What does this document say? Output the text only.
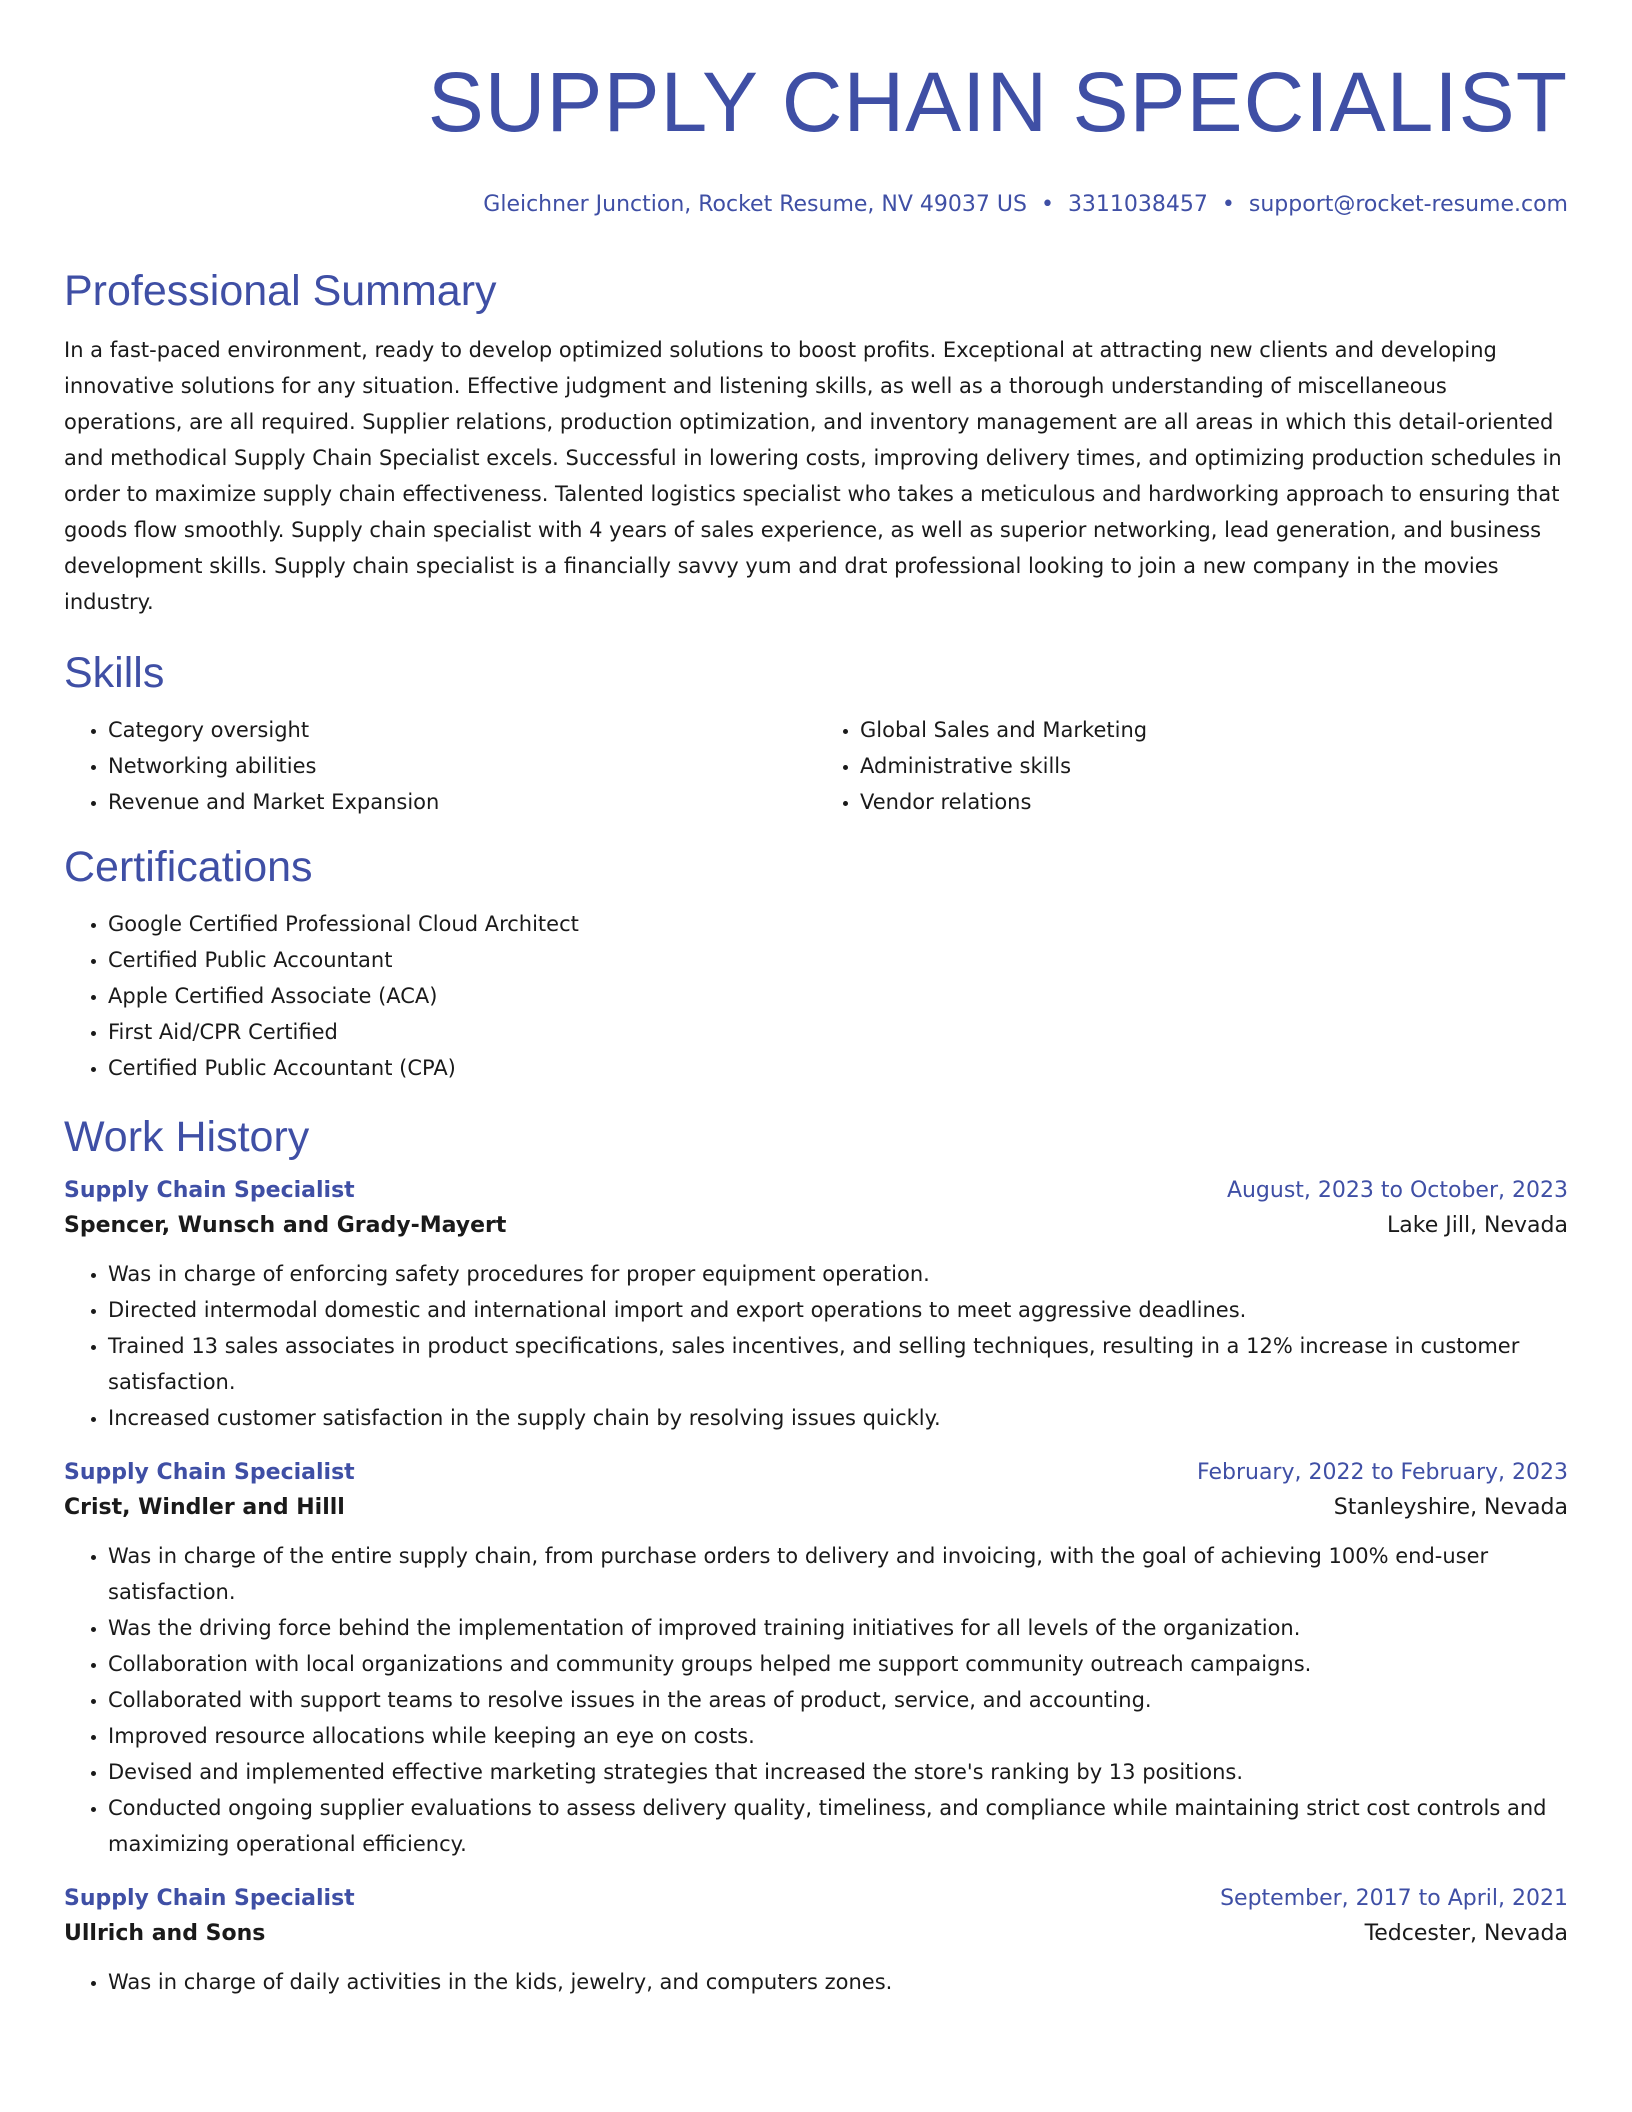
SUPPLY CHAIN SPECIALIST
Gleichner Junction, Rocket Resume, NV 49037 US • 3311038457 • support@rocket-resume.com
Professional Summary

In a fast-paced environment, ready to develop optimized solutions to boost profits. Exceptional at attracting new clients and developing innovative solutions for any situation. Effective judgment and listening skills, as well as a thorough understanding of miscellaneous operations, are all required. Supplier relations, production optimization, and inventory management are all areas in which this detail-oriented and methodical Supply Chain Specialist excels. Successful in lowering costs, improving delivery times, and optimizing production schedules in order to maximize supply chain effectiveness. Talented logistics specialist who takes a meticulous and hardworking approach to ensuring that goods flow smoothly. Supply chain specialist with 4 years of sales experience, as well as superior networking, lead generation, and business development skills. Supply chain specialist is a financially savvy yum and drat professional looking to join a new company in the movies industry.

Skills
• Category oversight
• Networking abilities
• Revenue and Market Expansion
• Global Sales and Marketing
• Administrative skills
• Vendor relations
Certifications
• Google Certified Professional Cloud Architect
• Certified Public Accountant
• Apple Certified Associate (ACA)
• First Aid/CPR Certified
• Certified Public Accountant (CPA)
Work History
Supply Chain Specialist	August, 2023 to October, 2023
Spencer, Wunsch and Grady-Mayert	Lake Jill, Nevada
• Was in charge of enforcing safety procedures for proper equipment operation.
• Directed intermodal domestic and international import and export operations to meet aggressive deadlines.
• Trained 13 sales associates in product specifications, sales incentives, and selling techniques, resulting in a 12% increase in customer satisfaction.
• Increased customer satisfaction in the supply chain by resolving issues quickly.
Supply Chain Specialist	February, 2022 to February, 2023
Crist, Windler and Hilll	Stanleyshire, Nevada
• Was in charge of the entire supply chain, from purchase orders to delivery and invoicing, with the goal of achieving 100% end-user satisfaction.
• Was the driving force behind the implementation of improved training initiatives for all levels of the organization.
• Collaboration with local organizations and community groups helped me support community outreach campaigns.
• Collaborated with support teams to resolve issues in the areas of product, service, and accounting.
• Improved resource allocations while keeping an eye on costs.
• Devised and implemented effective marketing strategies that increased the store's ranking by 13 positions.
• Conducted ongoing supplier evaluations to assess delivery quality, timeliness, and compliance while maintaining strict cost controls and maximizing operational efficiency.
Supply Chain Specialist	September, 2017 to April, 2021
Ullrich and Sons	Tedcester, Nevada
• Was in charge of daily activities in the kids, jewelry, and computers zones.
